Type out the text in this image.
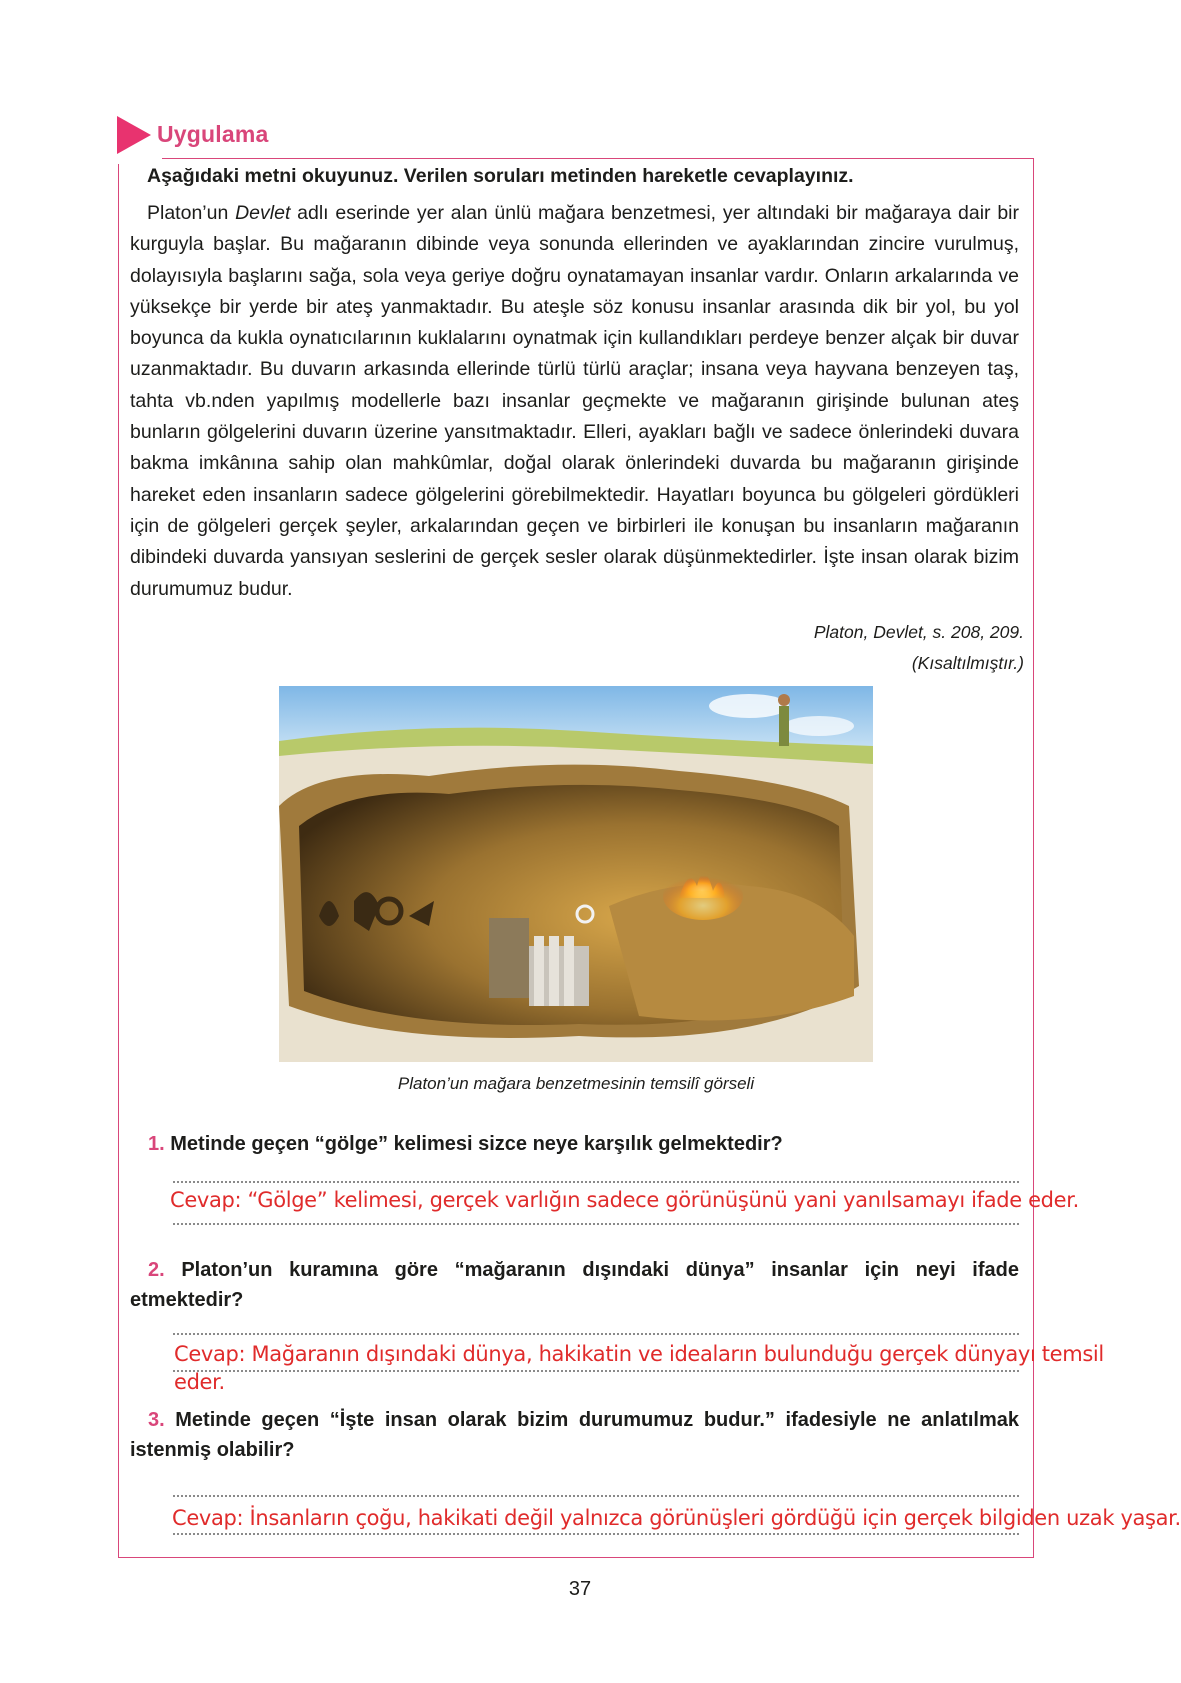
Uygulama
Aşağıdaki metni okuyunuz. Verilen soruları metinden hareketle cevaplayınız.

Platon’un Devlet adlı eserinde yer alan ünlü mağara benzetmesi, yer altındaki bir mağaraya dair bir kurguyla başlar. Bu mağaranın dibinde veya sonunda ellerinden ve ayaklarından zincire vurulmuş, dolayısıyla başlarını sağa, sola veya geriye doğru oynatamayan insanlar vardır. Onların arkalarında ve yüksekçe bir yerde bir ateş yanmaktadır. Bu ateşle söz konusu insanlar arasında dik bir yol, bu yol boyunca da kukla oynatıcılarının kuklalarını oynatmak için kullandıkları perdeye benzer alçak bir duvar uzanmaktadır. Bu duvarın arkasında ellerinde türlü türlü araçlar; insana veya hayvana benzeyen taş, tahta vb.nden yapılmış modellerle bazı insanlar geçmekte ve mağaranın girişinde bulunan ateş bunların gölgelerini duvarın üzerine yansıtmaktadır. Elleri, ayakları bağlı ve sadece önlerindeki duvara bakma imkânına sahip olan mahkûmlar, doğal olarak önlerindeki duvarda bu mağaranın girişinde hareket eden insanların sadece gölgelerini görebilmektedir. Hayatları boyunca bu gölgeleri gördükleri için de gölgeleri gerçek şeyler, arkalarından geçen ve birbirleri ile konuşan bu insanların mağaranın dibindeki duvarda yansıyan seslerini de gerçek sesler olarak düşünmektedirler. İşte insan olarak bizim durumumuz budur.

Platon, Devlet, s. 208, 209.
(Kısaltılmıştır.)
Platon’un mağara benzetmesinin temsilî görseli
1. Metinde geçen “gölge” kelimesi sizce neye karşılık gelmektedir?
Cevap: “Gölge” kelimesi, gerçek varlığın sadece görünüşünü yani yanılsamayı ifade eder.
2. Platon’un kuramına göre “mağaranın dışındaki dünya” insanlar için neyi ifade etmektedir?
Cevap: Mağaranın dışındaki dünya, hakikatin ve ideaların bulunduğu gerçek dünyayı temsil
eder.
3. Metinde geçen “İşte insan olarak bizim durumumuz budur.” ifadesiyle ne anlatılmak istenmiş olabilir?
Cevap: İnsanların çoğu, hakikati değil yalnızca görünüşleri gördüğü için gerçek bilgiden uzak yaşar.
37
